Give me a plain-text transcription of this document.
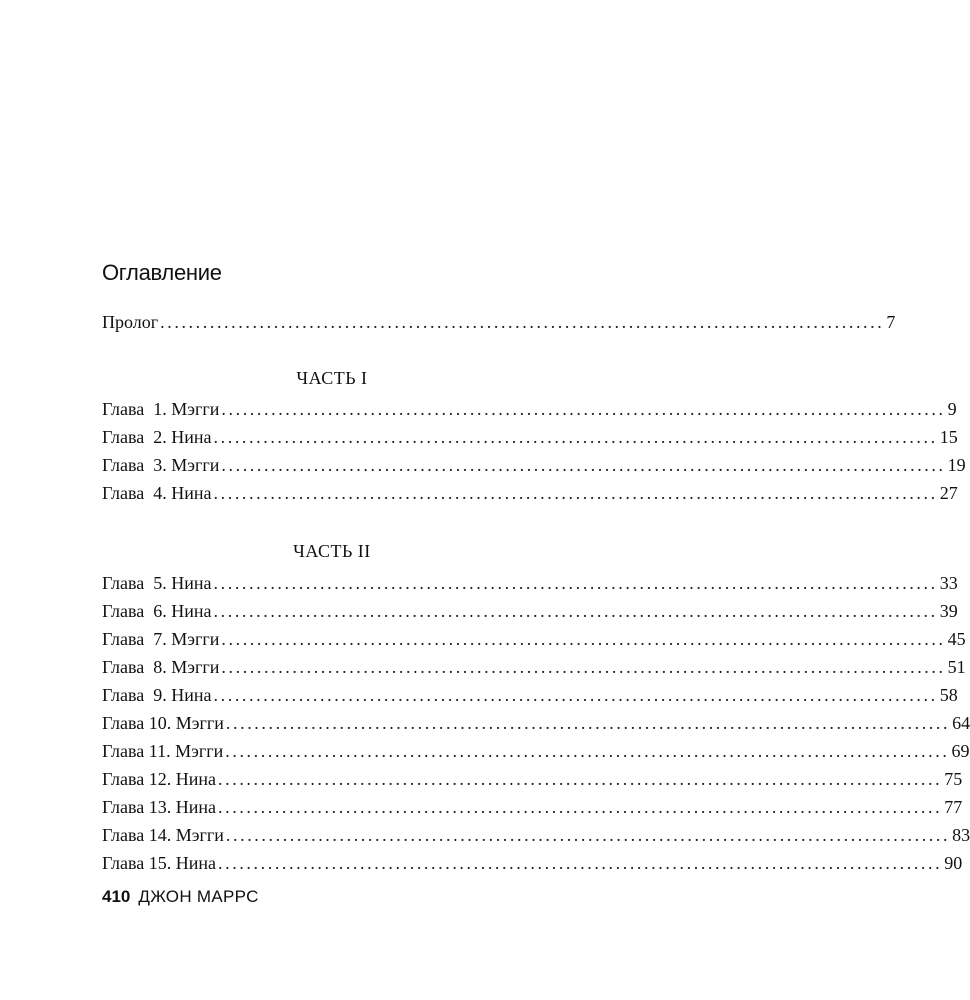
Оглавление
Пролог ...................................................................................................... 7
ЧАСТЬ I
Глава  1. Мэгги ...................................................................................................... 9
Глава  2. Нина ...................................................................................................... 15
Глава  3. Мэгги ...................................................................................................... 19
Глава  4. Нина ...................................................................................................... 27
ЧАСТЬ II
Глава  5. Нина ...................................................................................................... 33
Глава  6. Нина ...................................................................................................... 39
Глава  7. Мэгги ...................................................................................................... 45
Глава  8. Мэгги ...................................................................................................... 51
Глава  9. Нина ...................................................................................................... 58
Глава 10. Мэгги ...................................................................................................... 64
Глава 11. Мэгги ...................................................................................................... 69
Глава 12. Нина ...................................................................................................... 75
Глава 13. Нина ...................................................................................................... 77
Глава 14. Мэгги ...................................................................................................... 83
Глава 15. Нина ...................................................................................................... 90
410 ДЖОН МАРРС
